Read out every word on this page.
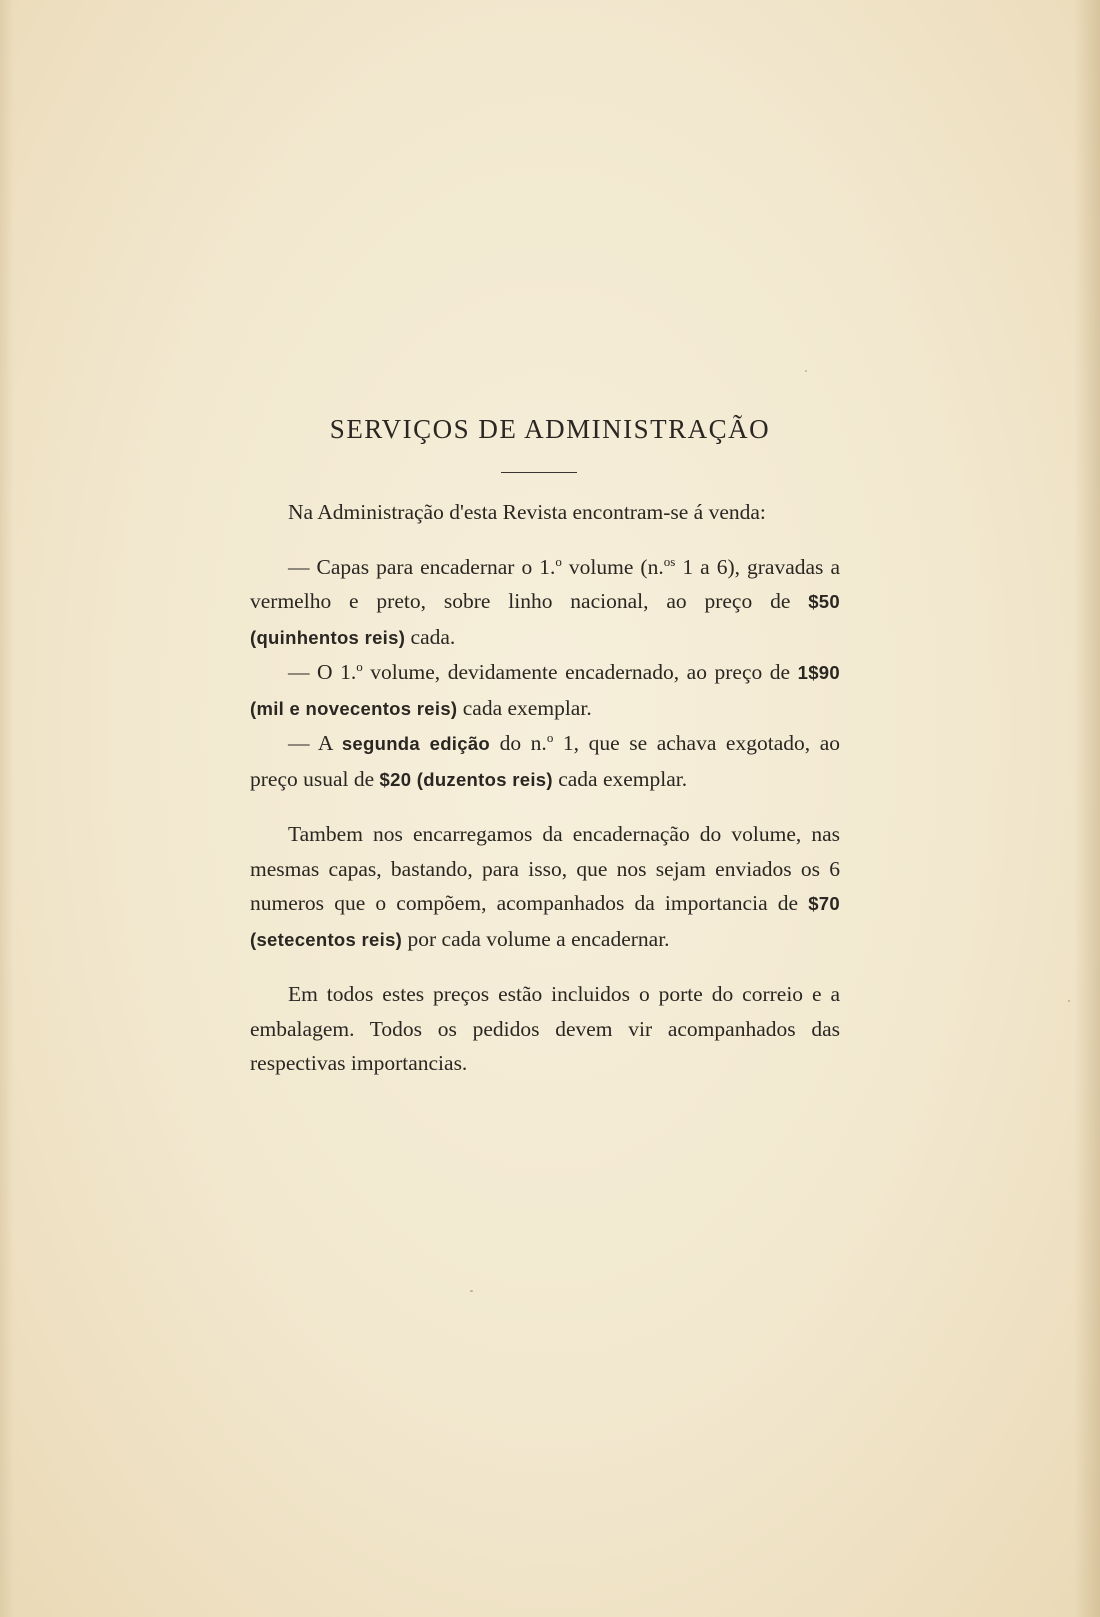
SERVIÇOS DE ADMINISTRAÇÃO

Na Administração d'esta Revista encontram-se á venda:

— Capas para encadernar o 1.$^o$ volume (n.$^{os}$ 1 a 6), gravadas a vermelho e preto, sobre linho nacional, ao preço de $50 (quinhentos reis) cada.

— O 1.$^o$ volume, devidamente encadernado, ao preço de 1$90 (mil e novecentos reis) cada exemplar.

— A segunda edição do n.$^o$ 1, que se achava exgotado, ao preço usual de $20 (duzentos reis) cada exemplar.

Tambem nos encarregamos da encadernação do volume, nas mesmas capas, bastando, para isso, que nos sejam enviados os 6 numeros que o compõem, acompanhados da importancia de $70 (setecentos reis) por cada volume a encadernar.

Em todos estes preços estão incluidos o porte do correio e a embalagem. Todos os pedidos devem vir acompanhados das respectivas importancias.
